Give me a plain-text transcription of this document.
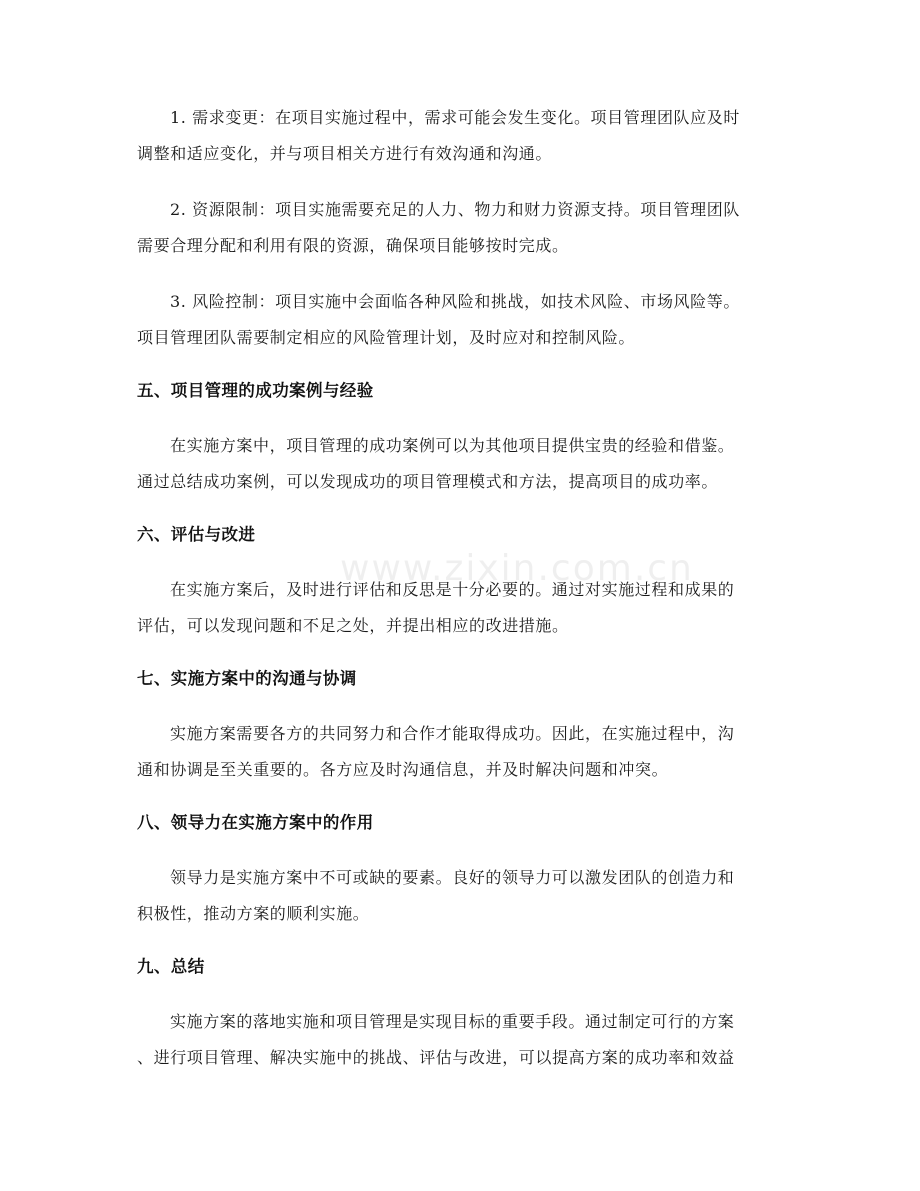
www.zixin.com.cn

1. 需求变更：在项目实施过程中，需求可能会发生变化。项目管理团队应及时
调整和适应变化，并与项目相关方进行有效沟通和沟通。

2. 资源限制：项目实施需要充足的人力、物力和财力资源支持。项目管理团队
需要合理分配和利用有限的资源，确保项目能够按时完成。

3. 风险控制：项目实施中会面临各种风险和挑战，如技术风险、市场风险等。
项目管理团队需要制定相应的风险管理计划，及时应对和控制风险。

五、项目管理的成功案例与经验

在实施方案中，项目管理的成功案例可以为其他项目提供宝贵的经验和借鉴。
通过总结成功案例，可以发现成功的项目管理模式和方法，提高项目的成功率。

六、评估与改进

在实施方案后，及时进行评估和反思是十分必要的。通过对实施过程和成果的
评估，可以发现问题和不足之处，并提出相应的改进措施。

七、实施方案中的沟通与协调

实施方案需要各方的共同努力和合作才能取得成功。因此，在实施过程中，沟
通和协调是至关重要的。各方应及时沟通信息，并及时解决问题和冲突。

八、领导力在实施方案中的作用

领导力是实施方案中不可或缺的要素。良好的领导力可以激发团队的创造力和
积极性，推动方案的顺利实施。

九、总结

实施方案的落地实施和项目管理是实现目标的重要手段。通过制定可行的方案
、进行项目管理、解决实施中的挑战、评估与改进，可以提高方案的成功率和效益
